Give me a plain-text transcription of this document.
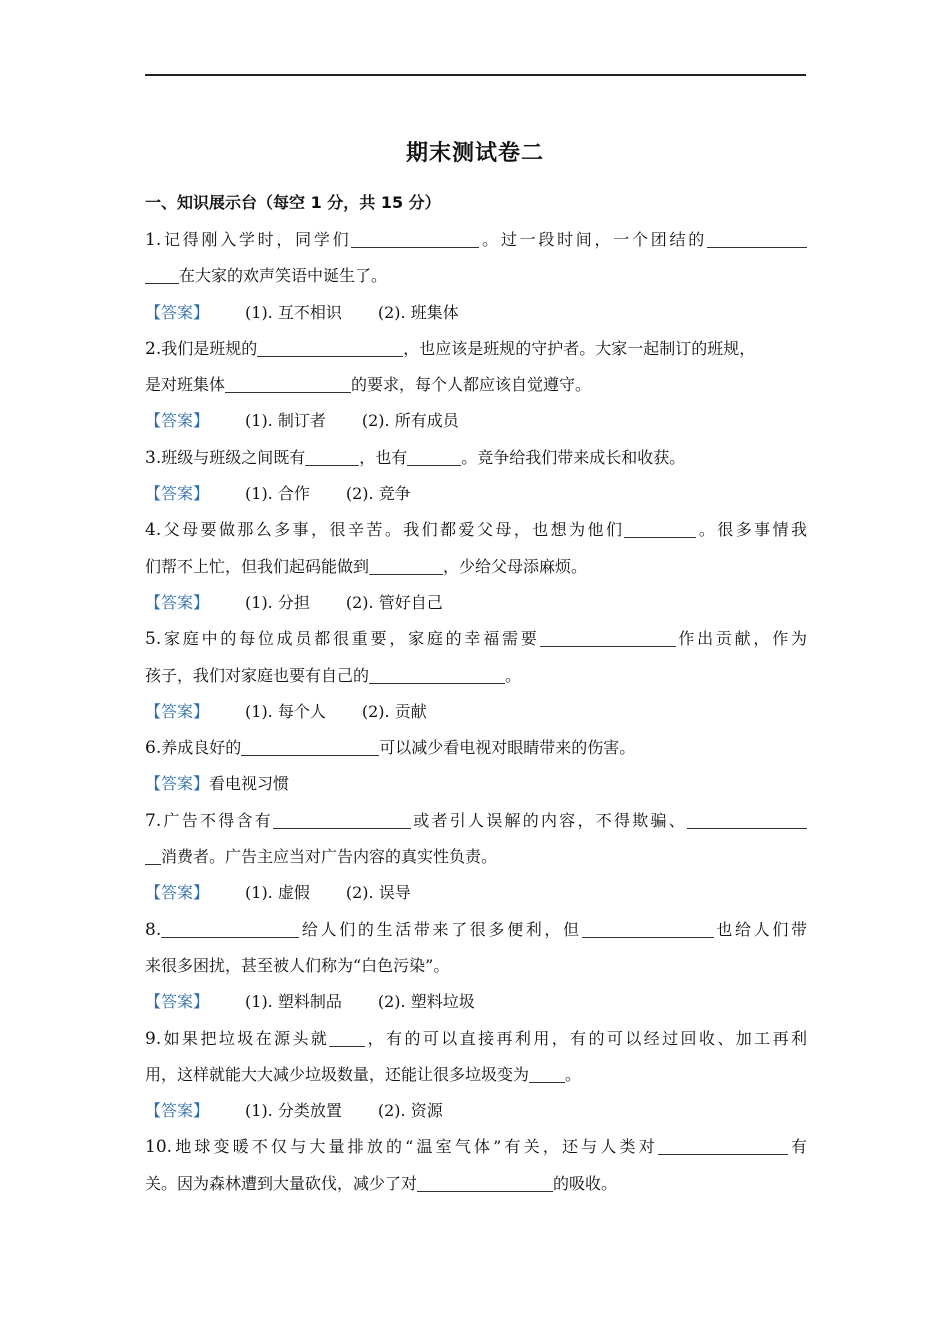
期末测试卷二
一、知识展示台（每空 1 分，共 15 分）
1.记得刚入学时，同学们	。过一段时间，一个团结的
在大家的欢声笑语中诞生了。
【答案】 (1). 互不相识 (2). 班集体
2.我们是班规的	，也应该是班规的守护者。大家一起制订的班规，
是对班集体	的要求，每个人都应该自觉遵守。
【答案】 (1). 制订者 (2). 所有成员
3.班级与班级之间既有	，也有	。竞争给我们带来成长和收获。
【答案】 (1). 合作 (2). 竞争
4.父母要做那么多事，很辛苦。我们都爱父母，也想为他们	。很多事情我
们帮不上忙，但我们起码能做到	，少给父母添麻烦。
【答案】 (1). 分担 (2). 管好自己
5.家庭中的每位成员都很重要，家庭的幸福需要	作出贡献，作为
孩子，我们对家庭也要有自己的	。
【答案】 (1). 每个人 (2). 贡献
6.养成良好的	可以减少看电视对眼睛带来的伤害。
【答案】看电视习惯
7.广告不得含有	或者引人误解的内容，不得欺骗、
消费者。广告主应当对广告内容的真实性负责。
【答案】 (1). 虚假 (2). 误导
8.	给人们的生活带来了很多便利，但	也给人们带
来很多困扰，甚至被人们称为“白色污染”。
【答案】 (1). 塑料制品 (2). 塑料垃圾
9.如果把垃圾在源头就 ，有的可以直接再利用，有的可以经过回收、加工再利
用，这样就能大大减少垃圾数量，还能让很多垃圾变为 。
【答案】 (1). 分类放置 (2). 资源
10.地球变暖不仅与大量排放的“温室气体”有关，还与人类对	有
关。因为森林遭到大量砍伐，减少了对	的吸收。
